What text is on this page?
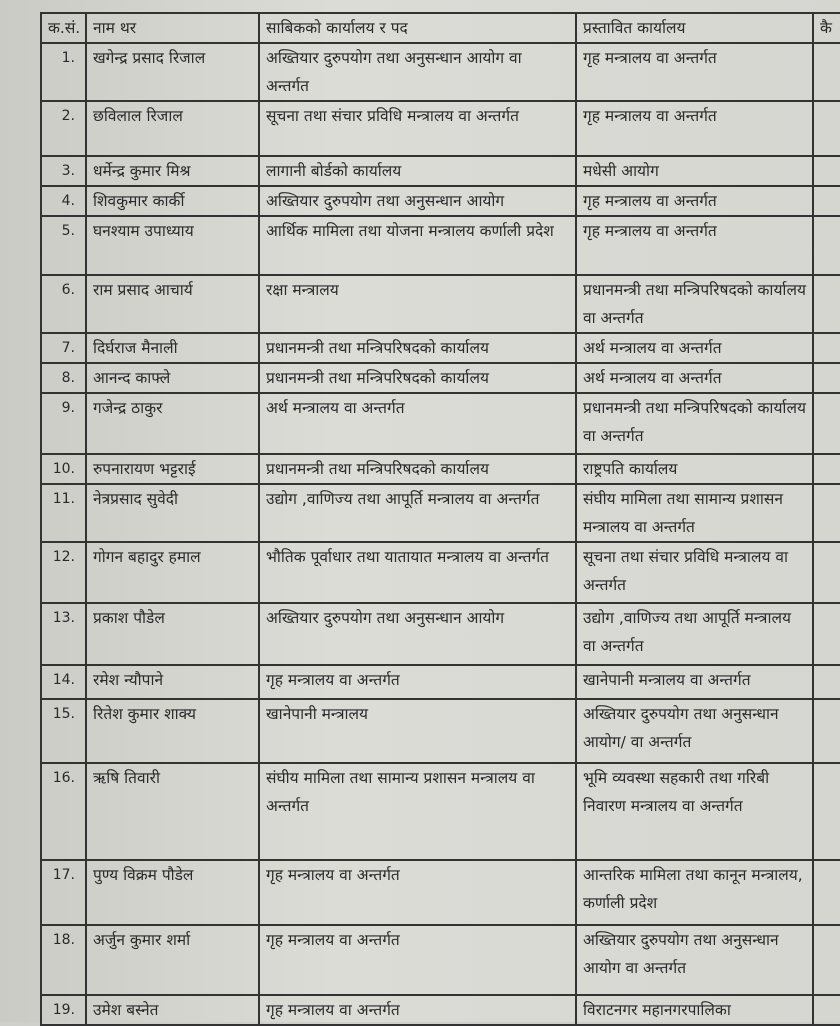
क.सं.	नाम थर	साबिकको कार्यालय र पद	प्रस्तावित कार्यालय	कै
1.	खगेन्द्र प्रसाद रिजाल	अख्तियार दुरुपयोग तथा अनुसन्धान आयोग वा अन्तर्गत	गृह मन्त्रालय वा अन्तर्गत	
2.	छविलाल रिजाल	सूचना तथा संचार प्रविधि मन्त्रालय वा अन्तर्गत	गृह मन्त्रालय वा अन्तर्गत	
3.	धर्मेन्द्र कुमार मिश्र	लागानी बोर्डको कार्यालय	मधेसी आयोग	
4.	शिवकुमार कार्की	अख्तियार दुरुपयोग तथा अनुसन्धान आयोग	गृह मन्त्रालय वा अन्तर्गत	
5.	घनश्याम उपाध्याय	आर्थिक मामिला तथा योजना मन्त्रालय कर्णाली प्रदेश	गृह मन्त्रालय वा अन्तर्गत	
6.	राम प्रसाद आचार्य	रक्षा मन्त्रालय	प्रधानमन्त्री तथा मन्त्रिपरिषदको कार्यालय वा अन्तर्गत	
7.	दिर्घराज मैनाली	प्रधानमन्त्री तथा मन्त्रिपरिषदको कार्यालय	अर्थ मन्त्रालय वा अन्तर्गत	
8.	आनन्द काफ्ले	प्रधानमन्त्री तथा मन्त्रिपरिषदको कार्यालय	अर्थ मन्त्रालय वा अन्तर्गत	
9.	गजेन्द्र ठाकुर	अर्थ मन्त्रालय वा अन्तर्गत	प्रधानमन्त्री तथा मन्त्रिपरिषदको कार्यालय वा अन्तर्गत	
10.	रुपनारायण भट्टराई	प्रधानमन्त्री तथा मन्त्रिपरिषदको कार्यालय	राष्ट्रपति कार्यालय	
11.	नेत्रप्रसाद सुवेदी	उद्योग ,वाणिज्य तथा आपूर्ति मन्त्रालय वा अन्तर्गत	संघीय मामिला तथा सामान्य प्रशासन मन्त्रालय वा अन्तर्गत	
12.	गोगन बहादुर हमाल	भौतिक पूर्वाधार तथा यातायात मन्त्रालय वा अन्तर्गत	सूचना तथा संचार प्रविधि मन्त्रालय वा अन्तर्गत	
13.	प्रकाश पौडेल	अख्तियार दुरुपयोग तथा अनुसन्धान आयोग	उद्योग ,वाणिज्य तथा आपूर्ति मन्त्रालय वा अन्तर्गत	
14.	रमेश न्यौपाने	गृह मन्त्रालय वा अन्तर्गत	खानेपानी मन्त्रालय वा अन्तर्गत	
15.	रितेश कुमार शाक्य	खानेपानी मन्त्रालय	अख्तियार दुरुपयोग तथा अनुसन्धान आयोग/ वा अन्तर्गत	
16.	ऋषि तिवारी	संघीय मामिला तथा सामान्य प्रशासन मन्त्रालय वा अन्तर्गत	भूमि व्यवस्था सहकारी तथा गरिबी निवारण मन्त्रालय वा अन्तर्गत	
17.	पुण्य विक्रम पौडेल	गृह मन्त्रालय वा अन्तर्गत	आन्तरिक मामिला तथा कानून मन्त्रालय, कर्णाली प्रदेश	
18.	अर्जुन कुमार शर्मा	गृह मन्त्रालय वा अन्तर्गत	अख्तियार दुरुपयोग तथा अनुसन्धान आयोग वा अन्तर्गत	
19.	उमेश बस्नेत	गृह मन्त्रालय वा अन्तर्गत	विराटनगर महानगरपालिका	
